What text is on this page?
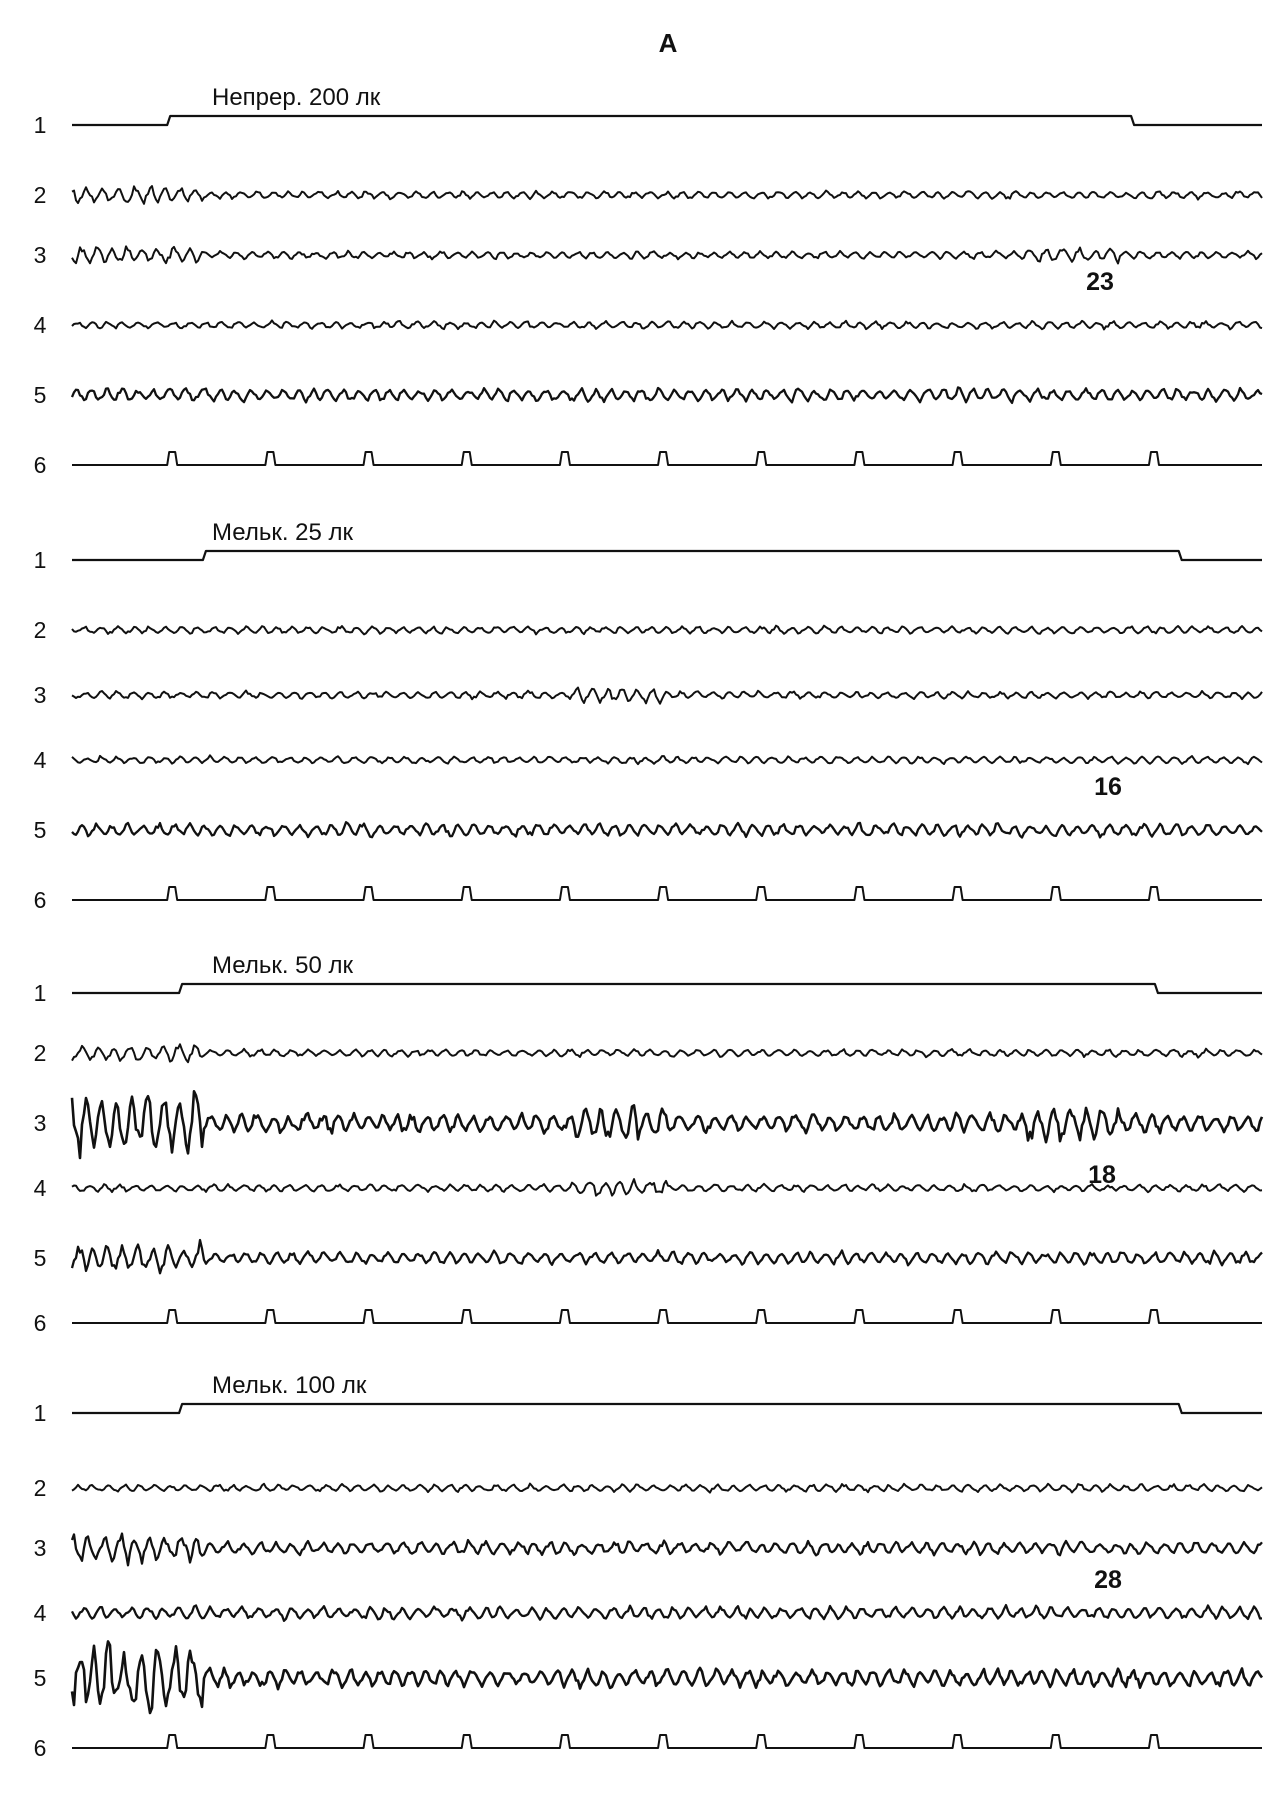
А
Непрер. 200 лк
23
1
2
3
4
5
6
Мельк. 25 лк
16
1
2
3
4
5
6
Мельк. 50 лк
18
1
2
3
4
5
6
Мельк. 100 лк
28
1
2
3
4
5
6
